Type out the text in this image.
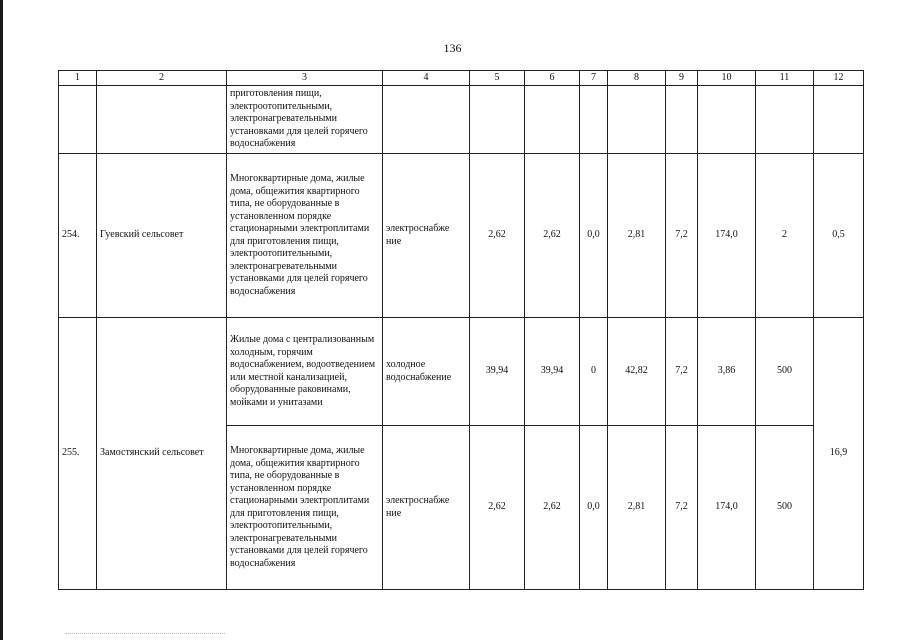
136
1	2	3	4	5	6	7	8	9	10	11	12
		приготовления пищи, электроотопительными, электронагревательными установками для целей горячего водоснабжения									
254.	Гуевский сельсовет	Многоквартирные дома, жилые дома, общежития квартирного типа, не оборудованные в установленном порядке стационарными электроплитами для приготовления пищи, электроотопительными, электронагревательными установками для целей горячего водоснабжения	электроснабже ние	2,62	2,62	0,0	2,81	7,2	174,0	2	0,5
255.	Замостянский сельсовет	Жилые дома с централизованным холодным, горячим водоснабжением, водоотведением или местной канализацией, оборудованные раковинами, мойками и унитазами	холодное водоснабжение	39,94	39,94	0	42,82	7,2	3,86	500	16,9
		Многоквартирные дома, жилые дома, общежития квартирного типа, не оборудованные в установленном порядке стационарными электроплитами для приготовления пищи, электроотопительными, электронагревательными установками для целей горячего водоснабжения	электроснабже ние	2,62	2,62	0,0	2,81	7,2	174,0	500	
